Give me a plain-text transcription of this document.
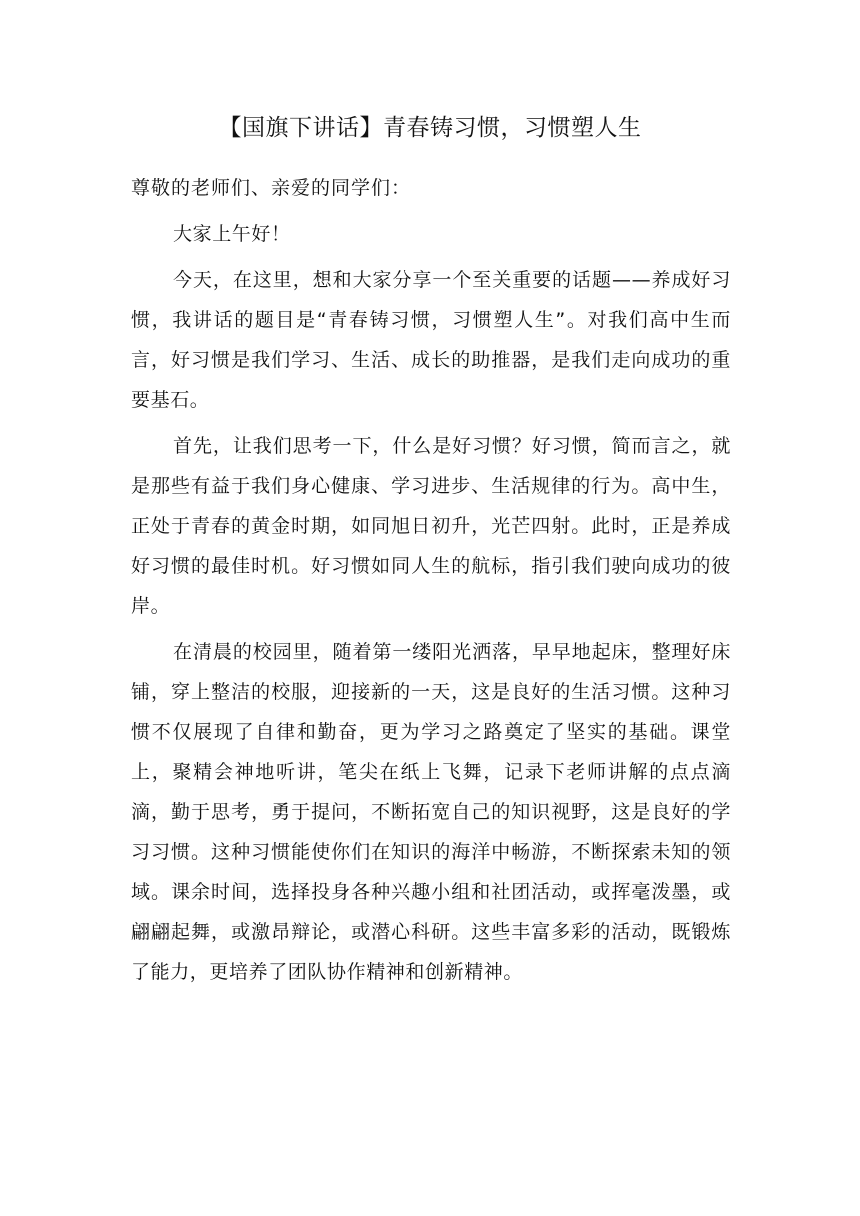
【国旗下讲话】青春铸习惯，习惯塑人生

尊敬的老师们、亲爱的同学们：

大家上午好！

今天，在这里，想和大家分享一个至关重要的话题——养成好习惯，我讲话的题目是“青春铸习惯，习惯塑人生”。对我们高中生而言，好习惯是我们学习、生活、成长的助推器，是我们走向成功的重要基石。

首先，让我们思考一下，什么是好习惯？好习惯，简而言之，就是那些有益于我们身心健康、学习进步、生活规律的行为。高中生，正处于青春的黄金时期，如同旭日初升，光芒四射。此时，正是养成好习惯的最佳时机。好习惯如同人生的航标，指引我们驶向成功的彼岸。

在清晨的校园里，随着第一缕阳光洒落，早早地起床，整理好床铺，穿上整洁的校服，迎接新的一天，这是良好的生活习惯。这种习惯不仅展现了自律和勤奋，更为学习之路奠定了坚实的基础。课堂上，聚精会神地听讲，笔尖在纸上飞舞，记录下老师讲解的点点滴滴，勤于思考，勇于提问，不断拓宽自己的知识视野，这是良好的学习习惯。这种习惯能使你们在知识的海洋中畅游，不断探索未知的领域。课余时间，选择投身各种兴趣小组和社团活动，或挥毫泼墨，或翩翩起舞，或激昂辩论，或潜心科研。这些丰富多彩的活动，既锻炼了能力，更培养了团队协作精神和创新精神。
